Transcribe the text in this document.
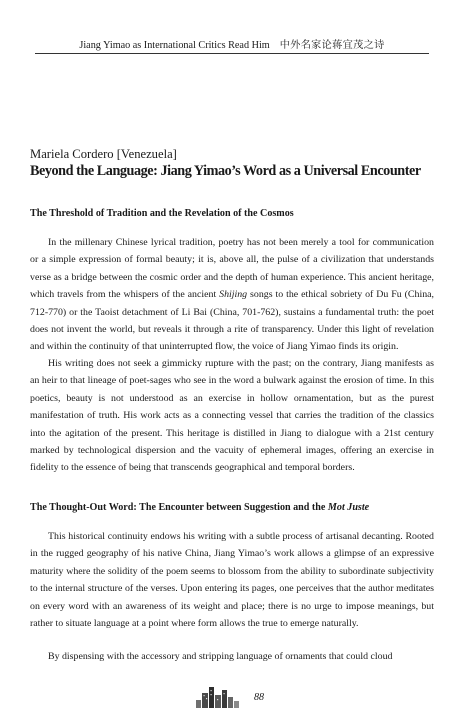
Jiang Yimao as International Critics Read Him 中外名家论蒋宜茂之诗
Mariela Cordero [Venezuela]
Beyond the Language: Jiang Yimao’s Word as a Universal Encounter
The Threshold of Tradition and the Revelation of the Cosmos

In the millenary Chinese lyrical tradition, poetry has not been merely a tool for communication or a simple expression of formal beauty; it is, above all, the pulse of a civilization that understands verse as a bridge between the cosmic order and the depth of human experience. This ancient heritage, which travels from the whispers of the ancient Shijing songs to the ethical sobriety of Du Fu (China, 712-770) or the Taoist detachment of Li Bai (China, 701-762), sustains a fundamental truth: the poet does not invent the world, but reveals it through a rite of transparency. Under this light of revelation and within the continuity of that uninterrupted flow, the voice of Jiang Yimao finds its origin.

His writing does not seek a gimmicky rupture with the past; on the contrary, Jiang manifests as an heir to that lineage of poet-sages who see in the word a bulwark against the erosion of time. In this poetics, beauty is not understood as an exercise in hollow ornamentation, but as the purest manifestation of truth. His work acts as a connecting vessel that carries the tradition of the classics into the agitation of the present. This heritage is distilled in Jiang to dialogue with a 21st century marked by technological dispersion and the vacuity of ephemeral images, offering an exercise in fidelity to the essence of being that transcends geographical and temporal borders.

The Thought-Out Word: The Encounter between Suggestion and the Mot Juste

This historical continuity endows his writing with a subtle process of artisanal decanting. Rooted in the rugged geography of his native China, Jiang Yimao’s work allows a glimpse of an expressive maturity where the solidity of the poem seems to blossom from the ability to subordinate subjectivity to the internal structure of the verses. Upon entering its pages, one perceives that the author meditates on every word with an awareness of its weight and place; there is no urge to impose meanings, but rather to situate language at a point where form allows the true to emerge naturally.

By dispensing with the accessory and stripping language of ornaments that could cloud

88
